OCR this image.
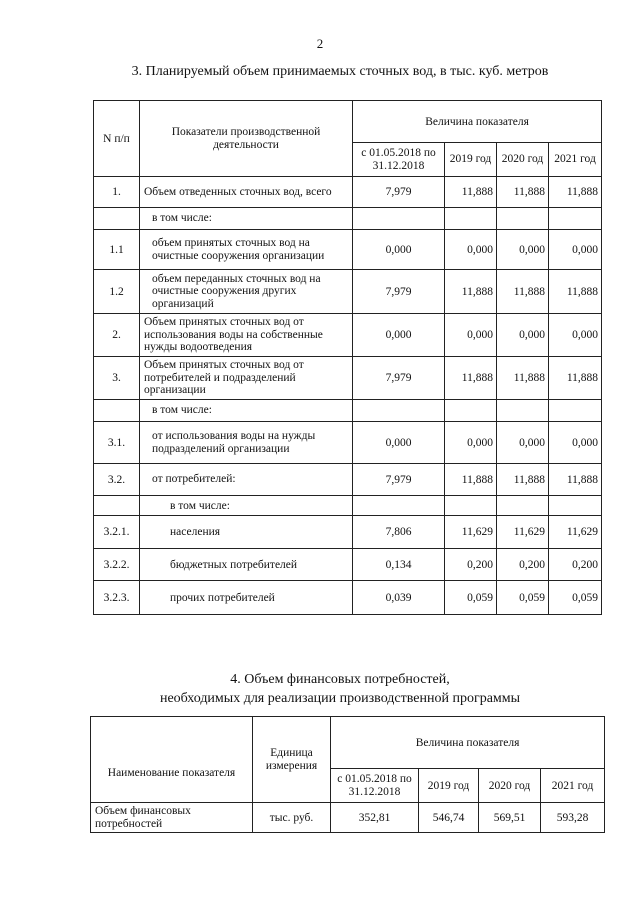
2
3. Планируемый объем принимаемых сточных вод, в тыс. куб. метров
N п/п	Показатели производственной деятельности	Величина показателя			
		с 01.05.2018 по 31.12.2018	2019 год	2020 год	2021 год
1.	Объем отведенных сточных вод, всего	7,979	11,888	11,888	11,888
	в том числе:				
1.1	объем принятых сточных вод на очистные сооружения организации	0,000	0,000	0,000	0,000
1.2	объем переданных сточных вод на очистные сооружения других организаций	7,979	11,888	11,888	11,888
2.	Объем принятых сточных вод от использования воды на собственные нужды водоотведения	0,000	0,000	0,000	0,000
3.	Объем принятых сточных вод от потребителей и подразделений организации	7,979	11,888	11,888	11,888
	в том числе:				
3.1.	от использования воды на нужды подразделений организации	0,000	0,000	0,000	0,000
3.2.	от потребителей:	7,979	11,888	11,888	11,888
	в том числе:				
3.2.1.	населения	7,806	11,629	11,629	11,629
3.2.2.	бюджетных потребителей	0,134	0,200	0,200	0,200
3.2.3.	прочих потребителей	0,039	0,059	0,059	0,059
4. Объем финансовых потребностей,
необходимых для реализации производственной программы
Наименование показателя	Единица измерения	Величина показателя			
		с 01.05.2018 по 31.12.2018	2019 год	2020 год	2021 год
Объем финансовых потребностей	тыс. руб.	352,81	546,74	569,51	593,28
